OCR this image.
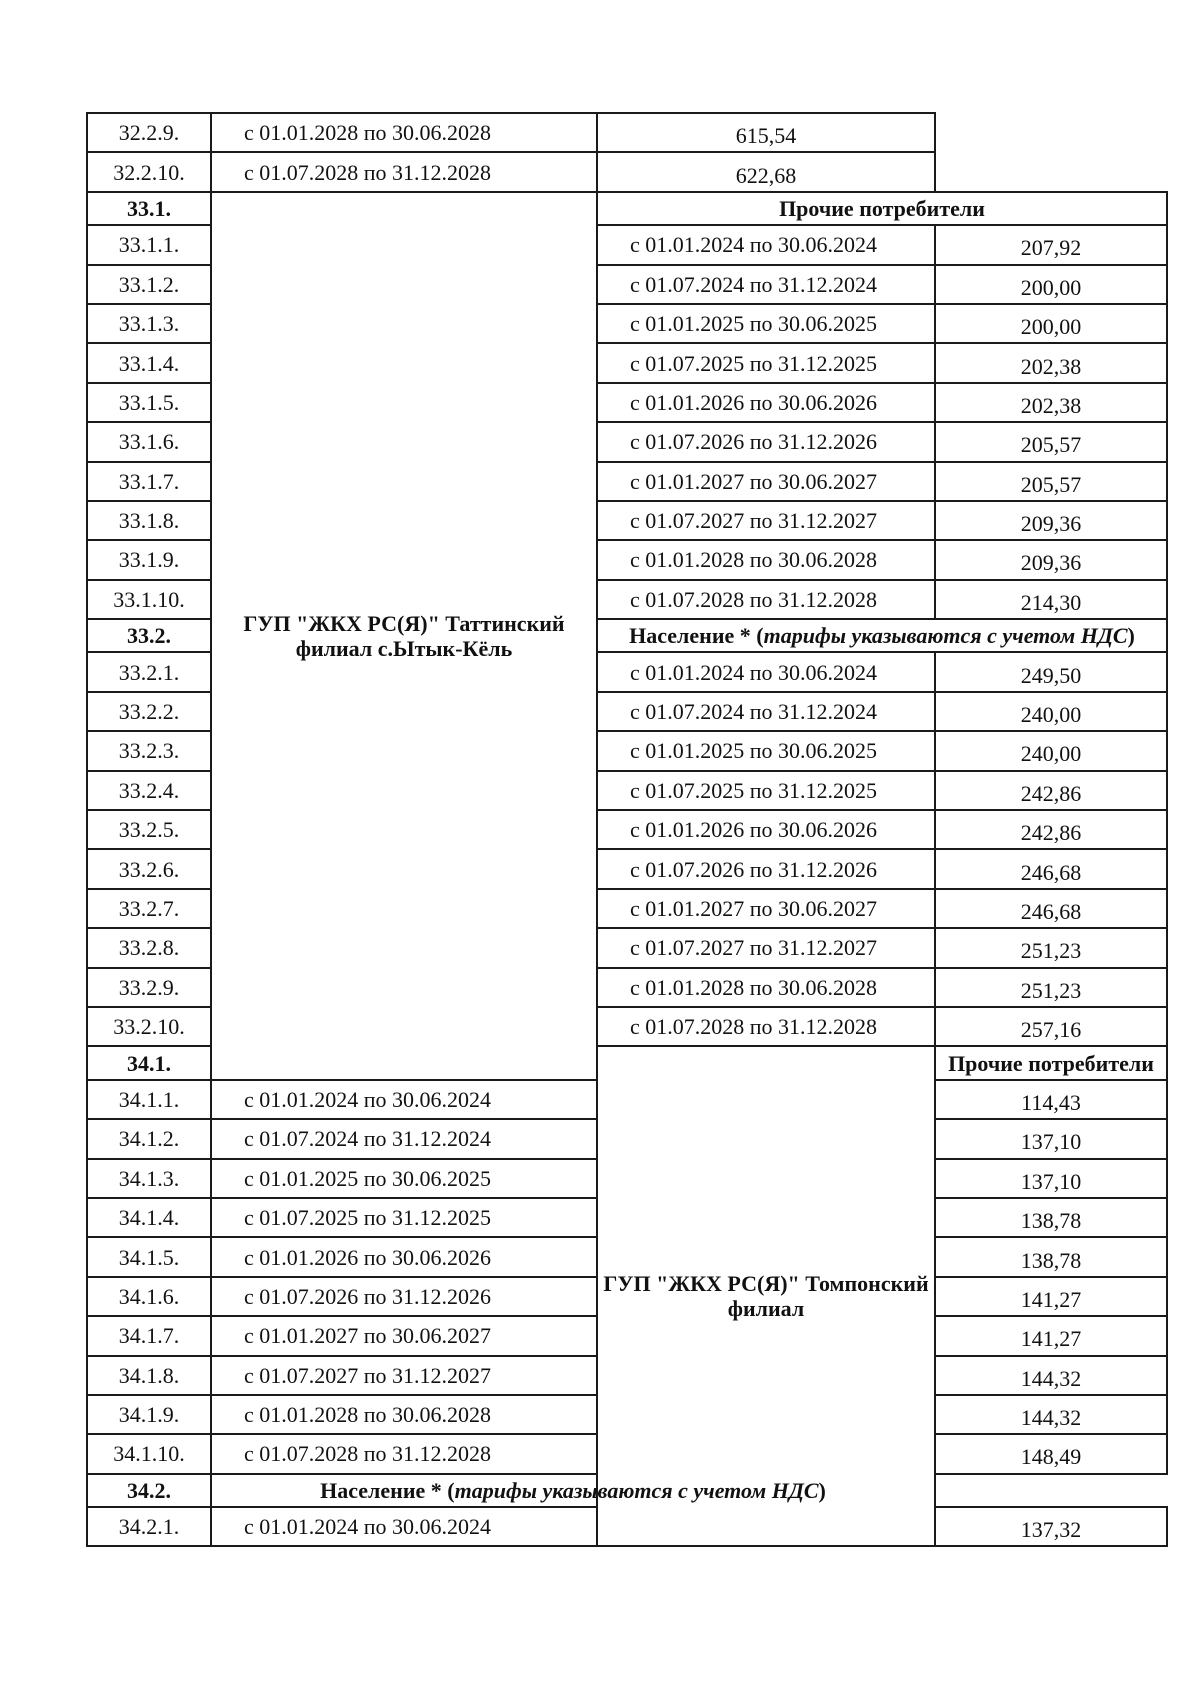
32.2.9.	с 01.01.2028 по 30.06.2028	615,54	
32.2.10.	с 01.07.2028 по 31.12.2028	622,68	
33.1.	ГУП "ЖКХ РС(Я)" Таттинский филиал с.Ытык-Кёль	Прочие потребители	
33.1.1.		с 01.01.2024 по 30.06.2024	207,92
33.1.2.		с 01.07.2024 по 31.12.2024	200,00
33.1.3.		с 01.01.2025 по 30.06.2025	200,00
33.1.4.		с 01.07.2025 по 31.12.2025	202,38
33.1.5.		с 01.01.2026 по 30.06.2026	202,38
33.1.6.		с 01.07.2026 по 31.12.2026	205,57
33.1.7.		с 01.01.2027 по 30.06.2027	205,57
33.1.8.		с 01.07.2027 по 31.12.2027	209,36
33.1.9.		с 01.01.2028 по 30.06.2028	209,36
33.1.10.		с 01.07.2028 по 31.12.2028	214,30
33.2.		Население * (тарифы указываются с учетом НДС)	
33.2.1.		с 01.01.2024 по 30.06.2024	249,50
33.2.2.		с 01.07.2024 по 31.12.2024	240,00
33.2.3.		с 01.01.2025 по 30.06.2025	240,00
33.2.4.		с 01.07.2025 по 31.12.2025	242,86
33.2.5.		с 01.01.2026 по 30.06.2026	242,86
33.2.6.		с 01.07.2026 по 31.12.2026	246,68
33.2.7.		с 01.01.2027 по 30.06.2027	246,68
33.2.8.		с 01.07.2027 по 31.12.2027	251,23
33.2.9.		с 01.01.2028 по 30.06.2028	251,23
33.2.10.		с 01.07.2028 по 31.12.2028	257,16
34.1.		ГУП "ЖКХ РС(Я)" Томпонский филиал	Прочие потребители
34.1.1.	с 01.01.2024 по 30.06.2024		114,43
34.1.2.	с 01.07.2024 по 31.12.2024		137,10
34.1.3.	с 01.01.2025 по 30.06.2025		137,10
34.1.4.	с 01.07.2025 по 31.12.2025		138,78
34.1.5.	с 01.01.2026 по 30.06.2026		138,78
34.1.6.	с 01.07.2026 по 31.12.2026		141,27
34.1.7.	с 01.01.2027 по 30.06.2027		141,27
34.1.8.	с 01.07.2027 по 31.12.2027		144,32
34.1.9.	с 01.01.2028 по 30.06.2028		144,32
34.1.10.	с 01.07.2028 по 31.12.2028		148,49
34.2.	Население * (тарифы указываются с учетом НДС)		
34.2.1.	с 01.01.2024 по 30.06.2024		137,32
